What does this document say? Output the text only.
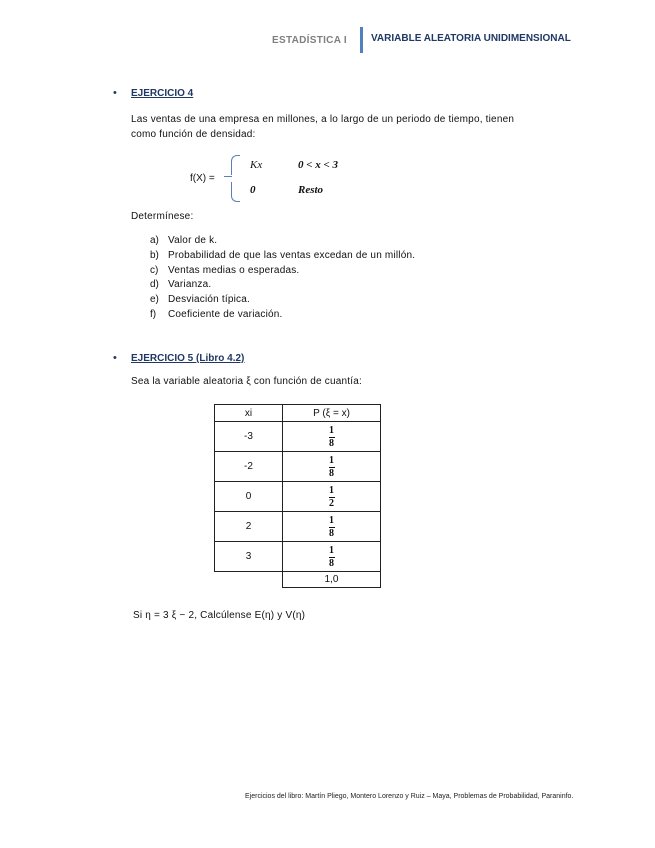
ESTADÍSTICA I VARIABLE ALEATORIA UNIDIMENSIONAL
• EJERCICIO 4
Las ventas de una empresa en millones, a lo largo de un periodo de tiempo, tienen
como función de densidad:
f(X) =
Kx	0 < x < 3
0	Resto
Determínese:
a) Valor de k.
b) Probabilidad de que las ventas excedan de un millón.
c) Ventas medias o esperadas.
d) Varianza.
e) Desviación típica.
f) Coeficiente de variación.
• EJERCICIO 5 (Libro 4.2)
Sea la variable aleatoria ξ con función de cuantía:
xi	P (ξ = x)
-3	$\frac{1}{8}$

-2	$\frac{1}{8}$

0	$\frac{1}{2}$

2	$\frac{1}{8}$

3	$\frac{1}{8}$

	1,0
Si η = 3 ξ − 2, Calcúlense E(η) y V(η)
Ejercicios del libro: Martín Pliego, Montero Lorenzo y Ruiz – Maya, Problemas de Probabilidad, Paraninfo.
